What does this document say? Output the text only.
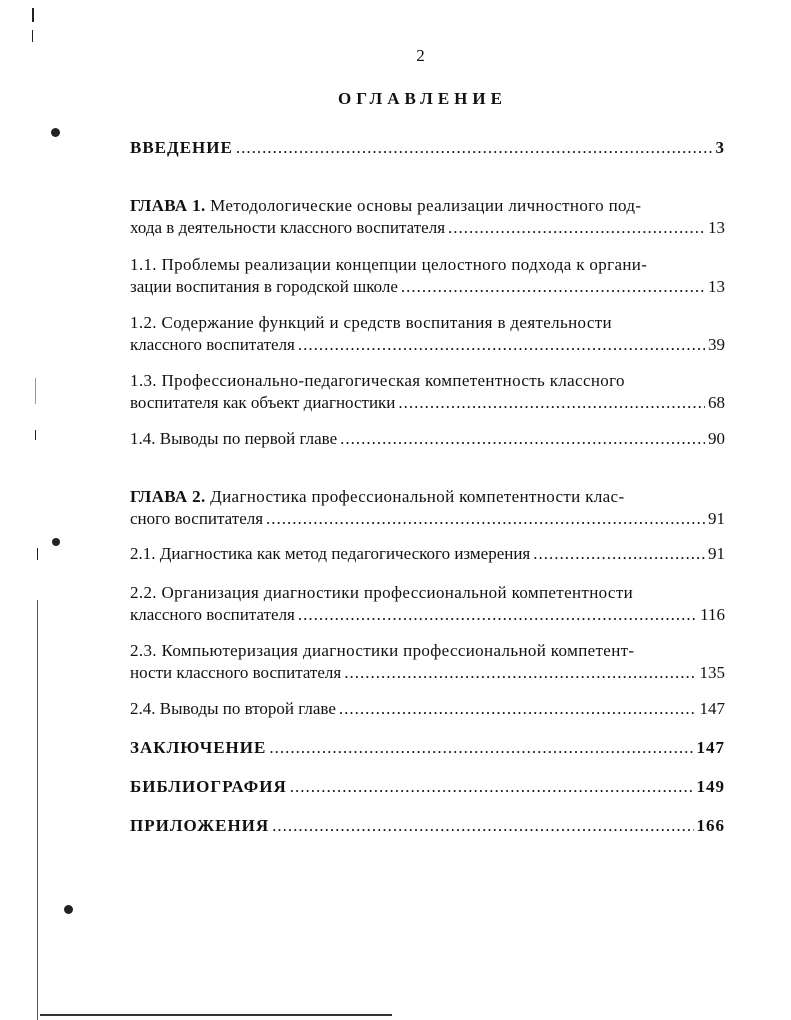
2
ОГЛАВЛЕНИЕ
ВВЕДЕНИЕ .....	3
ГЛАВА 1. Методологические основы реализации личностного под-
хода в деятельности классного воспитателя .....	13
1.1. Проблемы реализации концепции целостного подхода к органи-
зации воспитания в городской школе .....	13
1.2. Содержание функций и средств воспитания в деятельности
классного воспитателя .....	39
1.3. Профессионально-педагогическая компетентность классного
воспитателя как объект диагностики .....	68
1.4. Выводы по первой главе .....	90
ГЛАВА 2. Диагностика профессиональной компетентности клас-
сного воспитателя .....	91
2.1. Диагностика как метод педагогического измерения .....	91
2.2. Организация диагностики профессиональной компетентности
классного воспитателя .....	116
2.3. Компьютеризация диагностики профессиональной компетент-
ности классного воспитателя .....	135
2.4. Выводы по второй главе .....	147
ЗАКЛЮЧЕНИЕ .....	147
БИБЛИОГРАФИЯ .....	149
ПРИЛОЖЕНИЯ .....	166
